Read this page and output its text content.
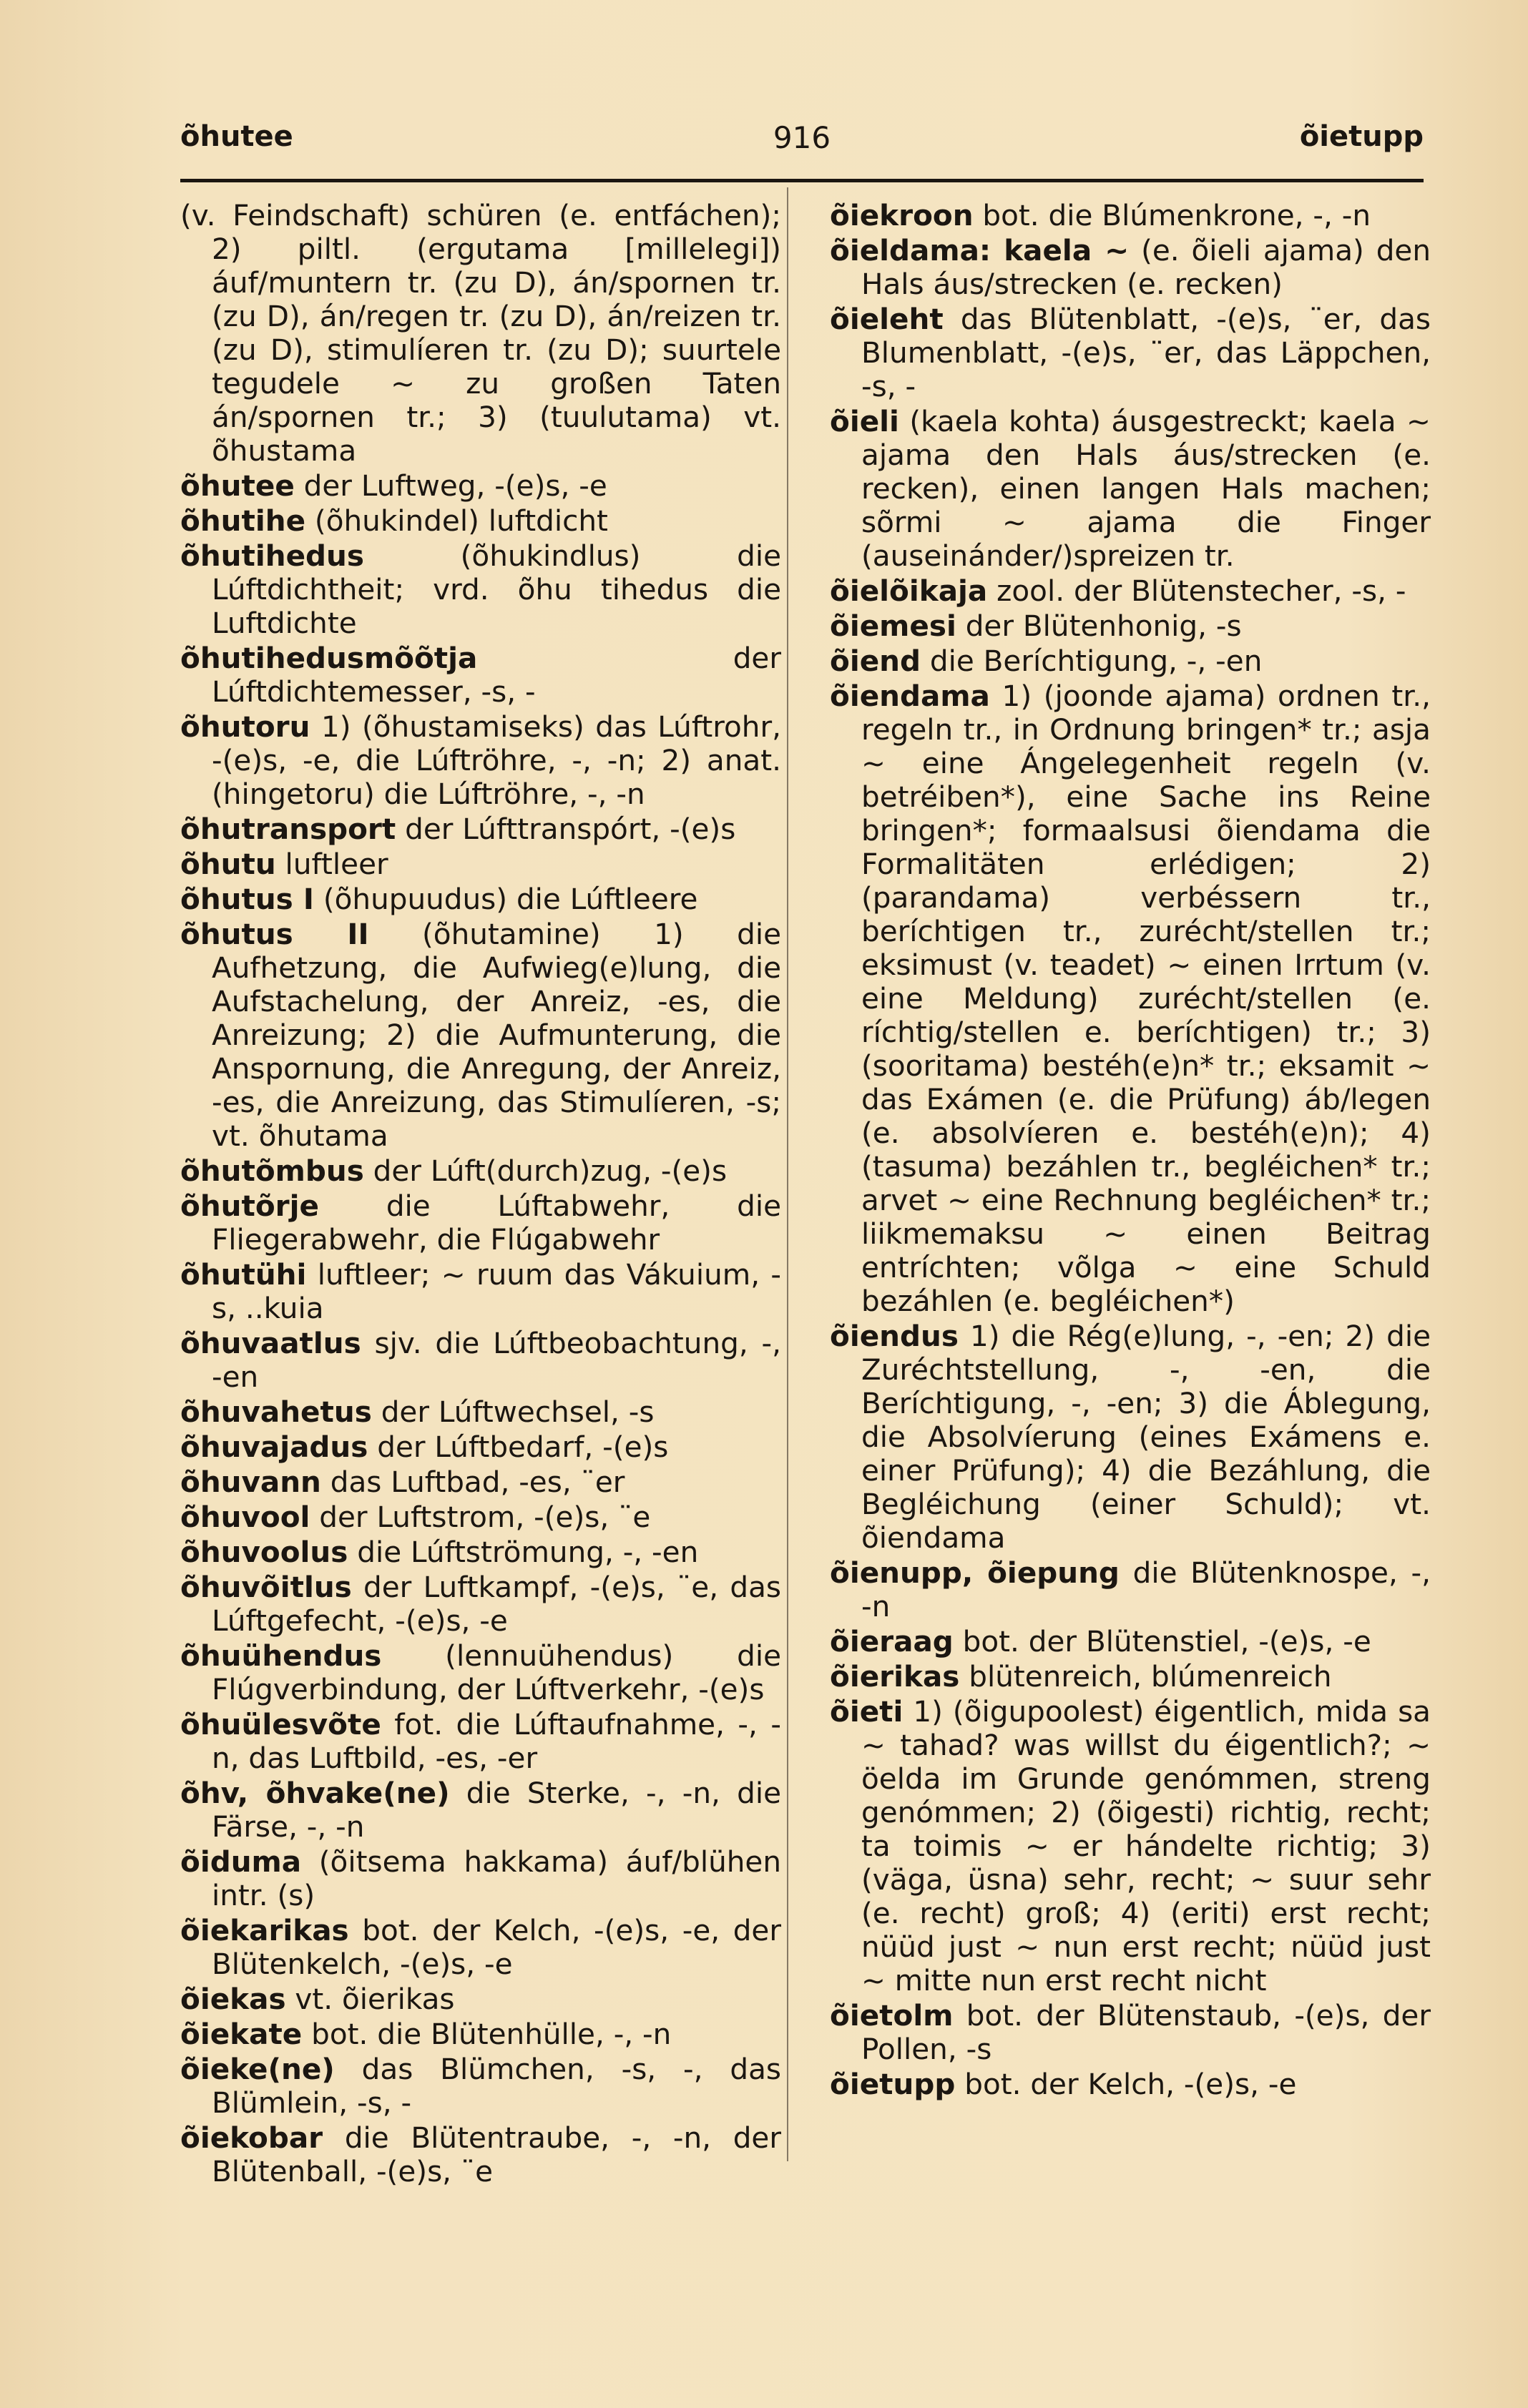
õhutee	916	õietupp
(v. Feindschaft) schüren (e. entfáchen); 2) piltl. (ergutama [millelegi]) áuf/muntern tr. (zu D), án/spornen tr. (zu D), án/regen tr. (zu D), án/reizen tr. (zu D), stimulíeren tr. (zu D); suurtele tegudele ~ zu großen Taten án/spornen tr.; 3) (tuulutama) vt. õhustama
õhutee der Luftweg, -(e)s, -e
õhutihe (õhukindel) luftdicht
õhutihedus (õhukindlus) die Lúftdichtheit; vrd. õhu tihedus die Luftdichte
õhutihedusmõõtja der Lúftdichtemesser, -s, -
õhutoru 1) (õhustamiseks) das Lúftrohr, -(e)s, -e, die Lúftröhre, -, -n; 2) anat. (hingetoru) die Lúftröhre, -, -n
õhutransport der Lúfttranspórt, -(e)s
õhutu luftleer
õhutus I (õhupuudus) die Lúftleere
õhutus II (õhutamine) 1) die Aufhetzung, die Aufwieg(e)lung, die Aufstachelung, der Anreiz, -es, die Anreizung; 2) die Aufmunterung, die Anspornung, die Anregung, der Anreiz, -es, die Anreizung, das Stimulíeren, -s; vt. õhutama
õhutõmbus der Lúft(durch)zug, -(e)s
õhutõrje die Lúftabwehr, die Fliegerabwehr, die Flúgabwehr
õhutühi luftleer; ~ ruum das Vákuium, -s, ..kuia
õhuvaatlus sjv. die Lúftbeobachtung, -, -en
õhuvahetus der Lúftwechsel, -s
õhuvajadus der Lúftbedarf, -(e)s
õhuvann das Luftbad, -es, ¨er
õhuvool der Luftstrom, -(e)s, ¨e
õhuvoolus die Lúftströmung, -, -en
õhuvõitlus der Luftkampf, -(e)s, ¨e, das Lúftgefecht, -(e)s, -e
õhuühendus (lennuühendus) die Flúgverbindung, der Lúftverkehr, -(e)s
õhuülesvõte fot. die Lúftaufnahme, -, -n, das Luftbild, -es, -er
õhv, õhvake(ne) die Sterke, -, -n, die Färse, -, -n
õiduma (õitsema hakkama) áuf/blühen intr. (s)
õiekarikas bot. der Kelch, -(e)s, -e, der Blütenkelch, -(e)s, -e
õiekas vt. õierikas
õiekate bot. die Blütenhülle, -, -n
õieke(ne) das Blümchen, -s, -, das Blümlein, -s, -
õiekobar die Blütentraube, -, -n, der Blütenball, -(e)s, ¨e
õiekroon bot. die Blúmenkrone, -, -n
õieldama: kaela ~ (e. õieli ajama) den Hals áus/strecken (e. recken)
õieleht das Blütenblatt, -(e)s, ¨er, das Blumenblatt, -(e)s, ¨er, das Läppchen, -s, -
õieli (kaela kohta) áusgestreckt; kaela ~ ajama den Hals áus/strecken (e. recken), einen langen Hals machen; sõrmi ~ ajama die Finger (auseinánder/)spreizen tr.
õielõikaja zool. der Blütenstecher, -s, -
õiemesi der Blütenhonig, -s
õiend die Beríchtigung, -, -en
õiendama 1) (joonde ajama) ordnen tr., regeln tr., in Ordnung bringen* tr.; asja ~ eine Ángelegenheit regeln (v. betréiben*), eine Sache ins Reine bringen*; formaalsusi õiendama die Formalitäten erlédigen; 2) (parandama) verbéssern tr., beríchtigen tr., zurécht/stellen tr.; eksimust (v. teadet) ~ einen Irrtum (v. eine Meldung) zurécht/stellen (e. ríchtig/stellen e. beríchtigen) tr.; 3) (sooritama) bestéh(e)n* tr.; eksamit ~ das Exámen (e. die Prüfung) áb/legen (e. absolvíeren e. bestéh(e)n); 4) (tasuma) bezáhlen tr., begléichen* tr.; arvet ~ eine Rechnung begléichen* tr.; liikmemaksu ~ einen Beitrag entríchten; võlga ~ eine Schuld bezáhlen (e. begléichen*)
õiendus 1) die Rég(e)lung, -, -en; 2) die Zuréchtstellung, -, -en, die Beríchtigung, -, -en; 3) die Áblegung, die Absolvíerung (eines Exámens e. einer Prüfung); 4) die Bezáhlung, die Begléichung (einer Schuld); vt. õiendama
õienupp, õiepung die Blütenknospe, -, -n
õieraag bot. der Blütenstiel, -(e)s, -e
õierikas blütenreich, blúmenreich
õieti 1) (õigupoolest) éigentlich, mida sa ~ tahad? was willst du éigentlich?; ~ öelda im Grunde genómmen, streng genómmen; 2) (õigesti) richtig, recht; ta toimis ~ er hándelte richtig; 3) (väga, üsna) sehr, recht; ~ suur sehr (e. recht) groß; 4) (eriti) erst recht; nüüd just ~ nun erst recht; nüüd just ~ mitte nun erst recht nicht
õietolm bot. der Blütenstaub, -(e)s, der Pollen, -s
õietupp bot. der Kelch, -(e)s, -e
